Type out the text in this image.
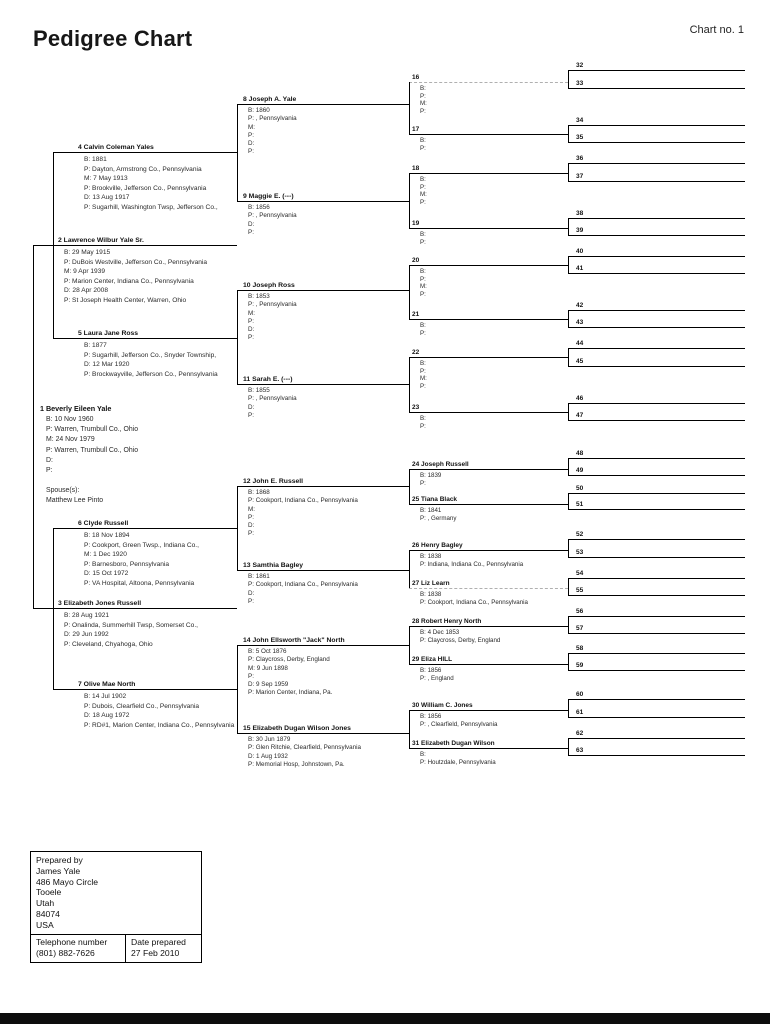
Pedigree Chart	Chart no. 1
1 Beverly Eileen Yale
B: 10 Nov 1960
P: Warren, Trumbull Co., Ohio
M: 24 Nov 1979
P: Warren, Trumbull Co., Ohio
D:
P:
Spouse(s):
Matthew Lee Pinto
2 Lawrence Wilbur Yale Sr.
B: 29 May 1915
P: DuBois Westville, Jefferson Co., Pennsylvania
M: 9 Apr 1939
P: Marion Center, Indiana Co., Pennsylvania
D: 28 Apr 2008
P: St Joseph Health Center, Warren, Ohio
3 Elizabeth Jones Russell
B: 28 Aug 1921
P: Onalinda, Summerhill Twsp, Somerset Co.,
D: 29 Jun 1992
P: Cleveland, Chyahoga, Ohio
4 Calvin Coleman Yales
B: 1881
P: Dayton, Armstrong Co., Pennsylvania
M: 7 May 1913
P: Brookville, Jefferson Co., Pennsylvania
D: 13 Aug 1917
P: Sugarhill, Washington Twsp, Jefferson Co.,
5 Laura Jane Ross
B: 1877
P: Sugarhill, Jefferson Co., Snyder Township,
D: 12 Mar 1920
P: Brockwayville, Jefferson Co., Pennsylvania
6 Clyde Russell
B: 18 Nov 1894
P: Cookport, Green Twsp., Indiana Co.,
M: 1 Dec 1920
P: Barnesboro, Pennsylvania
D: 15 Oct 1972
P: VA Hospital, Altoona, Pennsylvania
7 Olive Mae North
B: 14 Jul 1902
P: Dubois, Clearfield Co., Pennsylvania
D: 18 Aug 1972
P: RD#1, Marion Center, Indiana Co., Pennsylvania
8 Joseph A. Yale
B: 1860
P: , Pennsylvania
M:
P:
D:
P:
9 Maggie E. (---)
B: 1856
P: , Pennsylvania
D:
P:
10 Joseph Ross
B: 1853
P: , Pennsylvania
M:
P:
D:
P:
11 Sarah E. (---)
B: 1855
P: , Pennsylvania
D:
P:
12 John E. Russell
B: 1868
P: Cookport, Indiana Co., Pennsylvania
M:
P:
D:
P:
13 Samthia Bagley
B: 1861
P: Cookport, Indiana Co., Pennsylvania
D:
P:
14 John Ellsworth "Jack" North
B: 5 Oct 1876
P: Claycross, Derby, England
M: 9 Jun 1898
P:
D: 9 Sep 1959
P: Marion Center, Indiana, Pa.
15 Elizabeth Dugan Wilson Jones
B: 30 Jun 1879
P: Glen Ritchie, Clearfield, Pennsylvania
D: 1 Aug 1932
P: Memorial Hosp, Johnstown, Pa.
16
B:
P:
M:
P:
17
B:
P:
18
B:
P:
M:
P:
19
B:
P:
20
B:
P:
M:
P:
21
B:
P:
22
B:
P:
M:
P:
23
B:
P:
24 Joseph Russell
B: 1839
P:
25 Tiana Black
B: 1841
P: , Germany
26 Henry Bagley
B: 1838
P: Indiana, Indiana Co., Pennsylvania
27 Liz Learn
B: 1838
P: Cookport, Indiana Co., Pennsylvania
28 Robert Henry North
B: 4 Dec 1853
P: Claycross, Derby, England
29 Eliza HILL
B: 1856
P: , England
30 William C. Jones
B: 1856
P: , Clearfield, Pennsylvania
31 Elizabeth Dugan Wilson
B:
P: Houtzdale, Pennsylvania
32
33
34
35
36
37
38
39
40
41
42
43
44
45
46
47
48
49
50
51
52
53
54
55
56
57
58
59
60
61
62
63
Prepared by
James Yale
486 Mayo Circle
Tooele
Utah
84074
USA
Telephone number
(801) 882-7626
Date prepared
27 Feb 2010
